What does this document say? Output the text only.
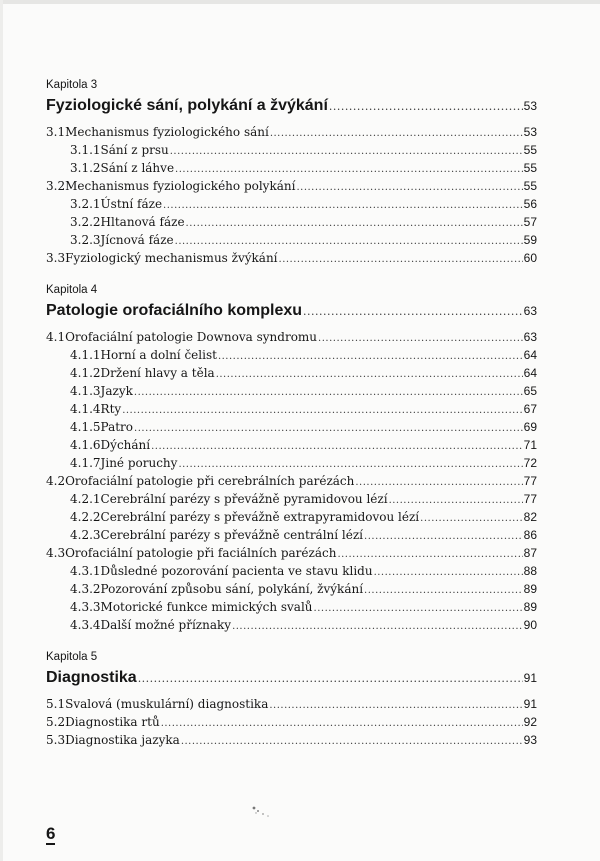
Kapitola 3
Fyziologické sání, polykání a žvýkání .....	53
3.1 Mechanismus fyziologického sání .....	53
3.1.1 Sání z prsu .....	55
3.1.2 Sání z láhve .....	55
3.2 Mechanismus fyziologického polykání .....	55
3.2.1 Ústní fáze .....	56
3.2.2 Hltanová fáze .....	57
3.2.3 Jícnová fáze .....	59
3.3 Fyziologický mechanismus žvýkání .....	60
Kapitola 4
Patologie orofaciálního komplexu .....	63
4.1 Orofaciální patologie Downova syndromu .....	63
4.1.1 Horní a dolní čelist .....	64
4.1.2 Držení hlavy a těla .....	64
4.1.3 Jazyk .....	65
4.1.4 Rty .....	67
4.1.5 Patro .....	69
4.1.6 Dýchání .....	71
4.1.7 Jiné poruchy .....	72
4.2 Orofaciální patologie při cerebrálních parézách .....	77
4.2.1 Cerebrální parézy s převážně pyramidovou lézí .....	77
4.2.2 Cerebrální parézy s převážně extrapyramidovou lézí .....	82
4.2.3 Cerebrální parézy s převážně centrální lézí .....	86
4.3 Orofaciální patologie při faciálních parézách .....	87
4.3.1 Důsledné pozorování pacienta ve stavu klidu .....	88
4.3.2 Pozorování způsobu sání, polykání, žvýkání .....	89
4.3.3 Motorické funkce mimických svalů .....	89
4.3.4 Další možné příznaky .....	90
Kapitola 5
Diagnostika .....	91
5.1 Svalová (muskulární) diagnostika .....	91
5.2 Diagnostika rtů .....	92
5.3 Diagnostika jazyka .....	93
6
